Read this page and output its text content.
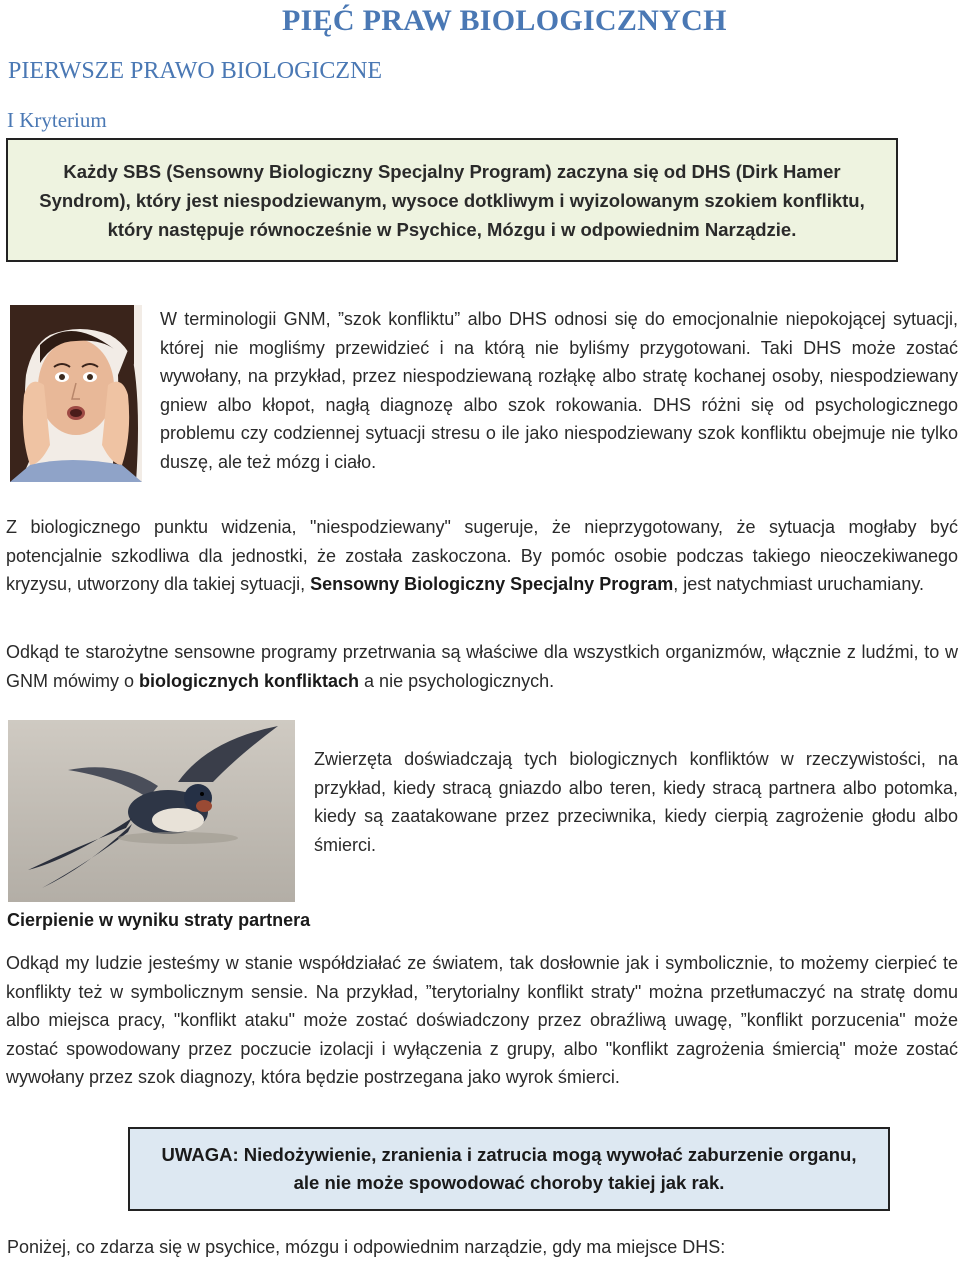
PIĘĆ PRAW BIOLOGICZNYCH
PIERWSZE PRAWO BIOLOGICZNE
I Kryterium

Każdy SBS (Sensowny Biologiczny Specjalny Program) zaczyna się od DHS (Dirk Hamer Syndrom), który jest niespodziewanym, wysoce dotkliwym i wyizolowanym szokiem konfliktu, który następuje równocześnie w Psychice, Mózgu i w odpowiednim Narządzie.

W terminologii GNM, ”szok konfliktu” albo DHS odnosi się do emocjonalnie niepokojącej sytuacji, której nie mogliśmy przewidzieć i na którą nie byliśmy przygotowani. Taki DHS może zostać wywołany, na przykład, przez niespodziewaną rozłąkę albo stratę kochanej osoby, niespodziewany gniew albo kłopot, nagłą diagnozę albo szok rokowania. DHS różni się od psychologicznego problemu czy codziennej sytuacji stresu o ile jako niespodziewany szok konfliktu obejmuje nie tylko duszę, ale też mózg i ciało.

Z biologicznego punktu widzenia, "niespodziewany" sugeruje, że nieprzygotowany, że sytuacja mogłaby być potencjalnie szkodliwa dla jednostki, że została zaskoczona. By pomóc osobie podczas takiego nieoczekiwanego kryzysu, utworzony dla takiej sytuacji, Sensowny Biologiczny Specjalny Program, jest natychmiast uruchamiany.

Odkąd te starożytne sensowne programy przetrwania są właściwe dla wszystkich organizmów, włącznie z ludźmi, to w GNM mówimy o biologicznych konfliktach a nie psychologicznych.

Zwierzęta doświadczają tych biologicznych konfliktów w rzeczywistości, na przykład, kiedy stracą gniazdo albo teren, kiedy stracą partnera albo potomka, kiedy są zaatakowane przez przeciwnika, kiedy cierpią zagrożenie głodu albo śmierci.

Cierpienie w wyniku straty partnera

Odkąd my ludzie jesteśmy w stanie współdziałać ze światem, tak dosłownie jak i symbolicznie, to możemy cierpieć te konflikty też w symbolicznym sensie. Na przykład, ”terytorialny konflikt straty" można przetłumaczyć na stratę domu albo miejsca pracy, "konflikt ataku" może zostać doświadczony przez obraźliwą uwagę, ”konflikt porzucenia" może zostać spowodowany przez poczucie izolacji i wyłączenia z grupy, albo "konflikt zagrożenia śmiercią" może zostać wywołany przez szok diagnozy, która będzie postrzegana jako wyrok śmierci.

UWAGA: Niedożywienie, zranienia i zatrucia mogą wywołać zaburzenie organu, ale nie może spowodować choroby takiej jak rak.

Poniżej, co zdarza się w psychice, mózgu i odpowiednim narządzie, gdy ma miejsce DHS:
